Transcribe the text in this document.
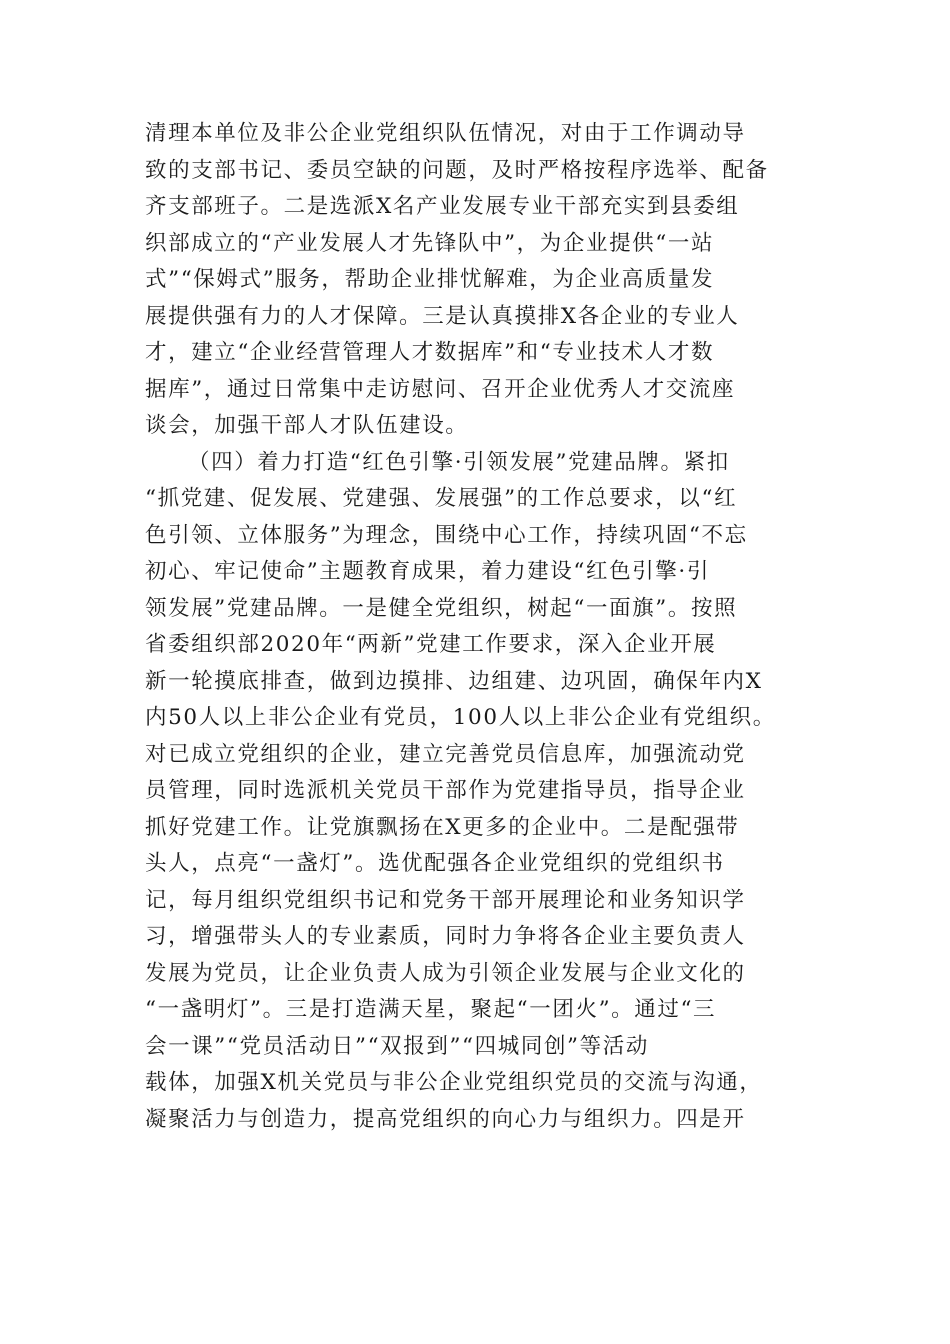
清理本单位及非公企业党组织队伍情况，对由于工作调动导
致的支部书记、委员空缺的问题，及时严格按程序选举、配备
齐支部班子。二是选派X名产业发展专业干部充实到县委组
织部成立的“产业发展人才先锋队中”，为企业提供“一站
式”“保姆式”服务，帮助企业排忧解难，为企业高质量发
展提供强有力的人才保障。三是认真摸排X各企业的专业人
才，建立“企业经营管理人才数据库”和“专业技术人才数
据库”，通过日常集中走访慰问、召开企业优秀人才交流座
谈会，加强干部人才队伍建设。
（四）着力打造“红色引擎·引领发展”党建品牌。紧扣
“抓党建、促发展、党建强、发展强”的工作总要求，以“红
色引领、立体服务”为理念，围绕中心工作，持续巩固“不忘
初心、牢记使命”主题教育成果，着力建设“红色引擎·引
领发展”党建品牌。一是健全党组织，树起“一面旗”。按照
省委组织部2020年“两新”党建工作要求，深入企业开展
新一轮摸底排查，做到边摸排、边组建、边巩固，确保年内X
内50人以上非公企业有党员，100人以上非公企业有党组织。
对已成立党组织的企业，建立完善党员信息库，加强流动党
员管理，同时选派机关党员干部作为党建指导员，指导企业
抓好党建工作。让党旗飘扬在X更多的企业中。二是配强带
头人，点亮“一盏灯”。选优配强各企业党组织的党组织书
记，每月组织党组织书记和党务干部开展理论和业务知识学
习，增强带头人的专业素质，同时力争将各企业主要负责人
发展为党员，让企业负责人成为引领企业发展与企业文化的
“一盏明灯”。三是打造满天星，聚起“一团火”。通过“三
会一课”“党员活动日”“双报到”“四城同创”等活动
载体，加强X机关党员与非公企业党组织党员的交流与沟通，
凝聚活力与创造力，提高党组织的向心力与组织力。四是开
